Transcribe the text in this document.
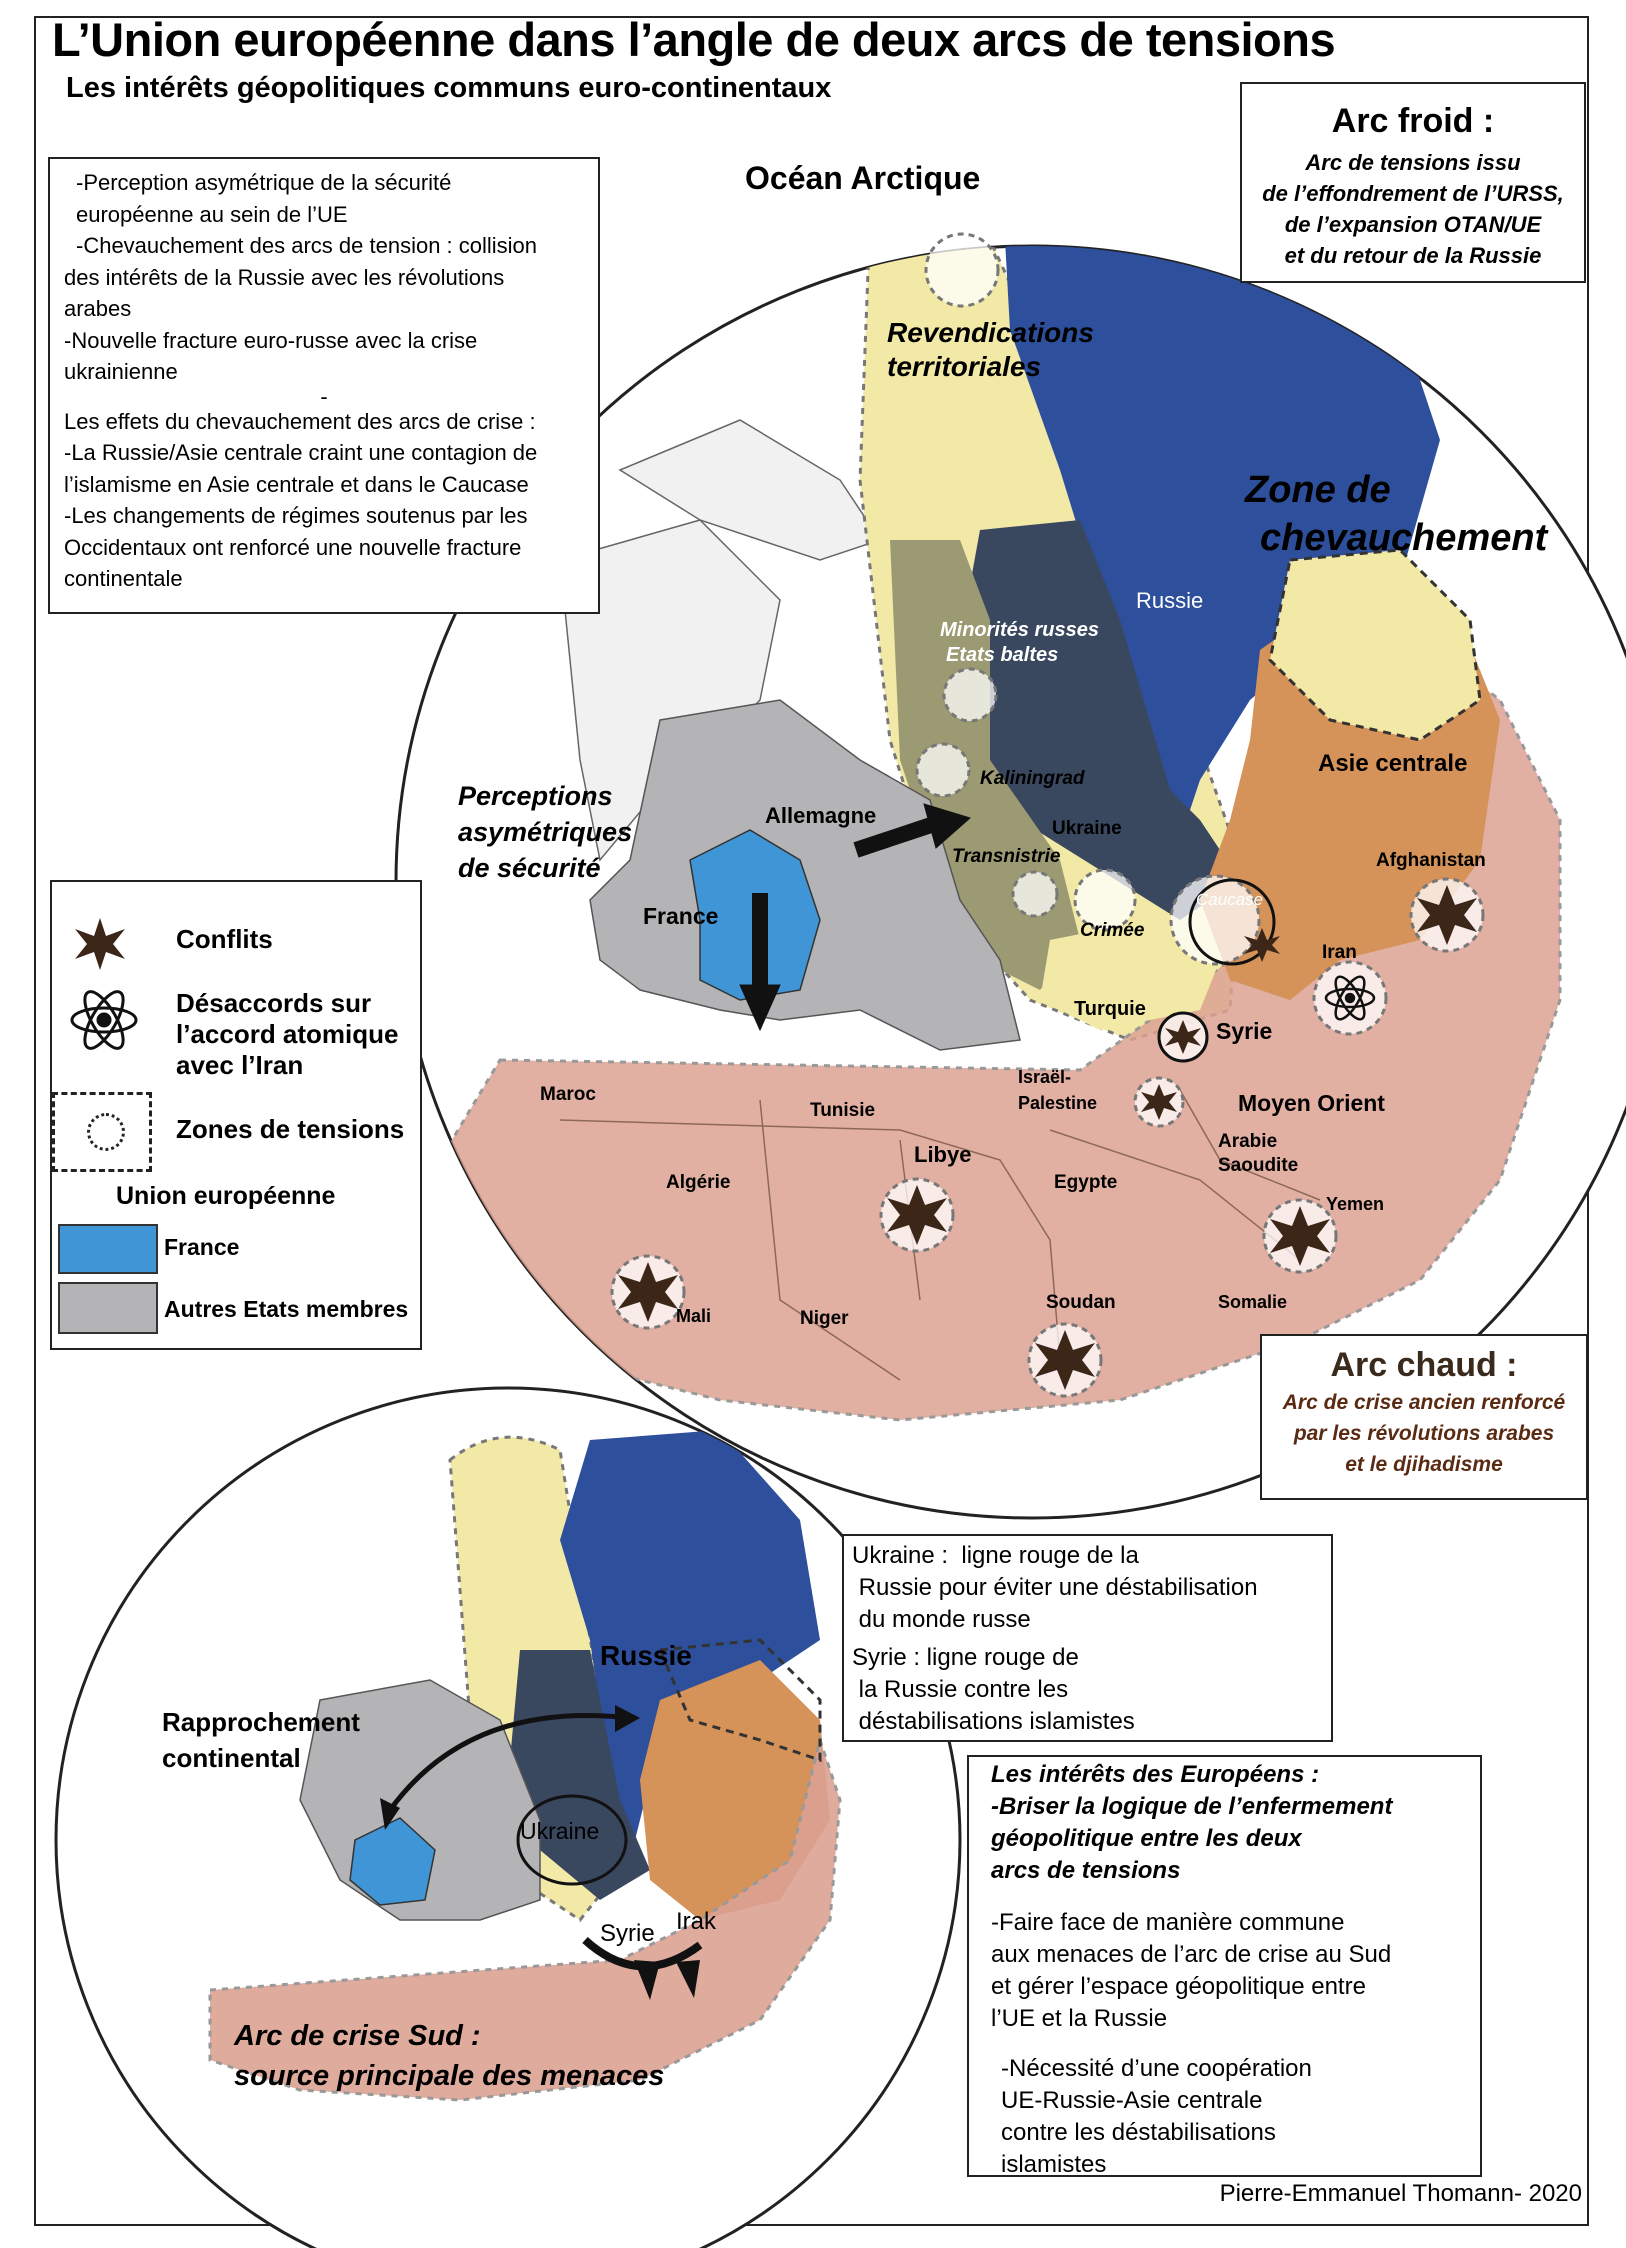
L’Union européenne dans l’angle de deux arcs de tensions
Les intérêts géopolitiques communs euro-continentaux

-Perception asymétrique de la sécurité

européenne au sein de l’UE

-Chevauchement des arcs de tension : collision

des intérêts de la Russie avec les révolutions

arabes

-Nouvelle fracture euro-russe avec la crise

ukrainienne

-

Les effets du chevauchement des arcs de crise :

-La Russie/Asie centrale craint une contagion de

l’islamisme en Asie centrale et dans le Caucase

-Les changements de régimes soutenus par les

Occidentaux ont renforcé une nouvelle fracture

continentale

Arc froid :
Arc de tensions issu
de l’effondrement de l’URSS,
de l’expansion OTAN/UE
et du retour de la Russie
Arc chaud :
Arc de crise ancien renforcé
par les révolutions arabes
et le djihadisme
Conflits
Désaccords sur
l’accord atomique
avec l’Iran
Zones de tensions
Union européenne
France
Autres Etats membres
Océan Arctique
Revendications
territoriales
Zone de
chevauchement
Russie
Minorités russes
Etats baltes
Kaliningrad
Allemagne
Perceptions
asymétriques
de sécurité
France
Ukraine
Transnistrie
Crimée
Caucase
Asie centrale
Afghanistan
Iran
Turquie
Syrie
Israël-
Palestine	Moyen Orient
Arabie
Saoudite
Yemen
Somalie
Maroc
Tunisie
Libye
Algérie	Egypte
Mali	Niger
Soudan
Russie
Rapprochement
continental
Ukraine
Syrie Irak
Arc de crise Sud :
source principale des menaces
Ukraine :  ligne rouge de la
Russie pour éviter une déstabilisation
du monde russe
Syrie : ligne rouge de
la Russie contre les
déstabilisations islamistes
Les intérêts des Européens :
-Briser la logique de l’enfermement
géopolitique entre les deux
arcs de tensions
-Faire face de manière commune
aux menaces de l’arc de crise au Sud
et gérer l’espace géopolitique entre
l’UE et la Russie
-Nécessité d’une coopération
UE-Russie-Asie centrale
contre les déstabilisations
islamistes
Pierre-Emmanuel Thomann- 2020
